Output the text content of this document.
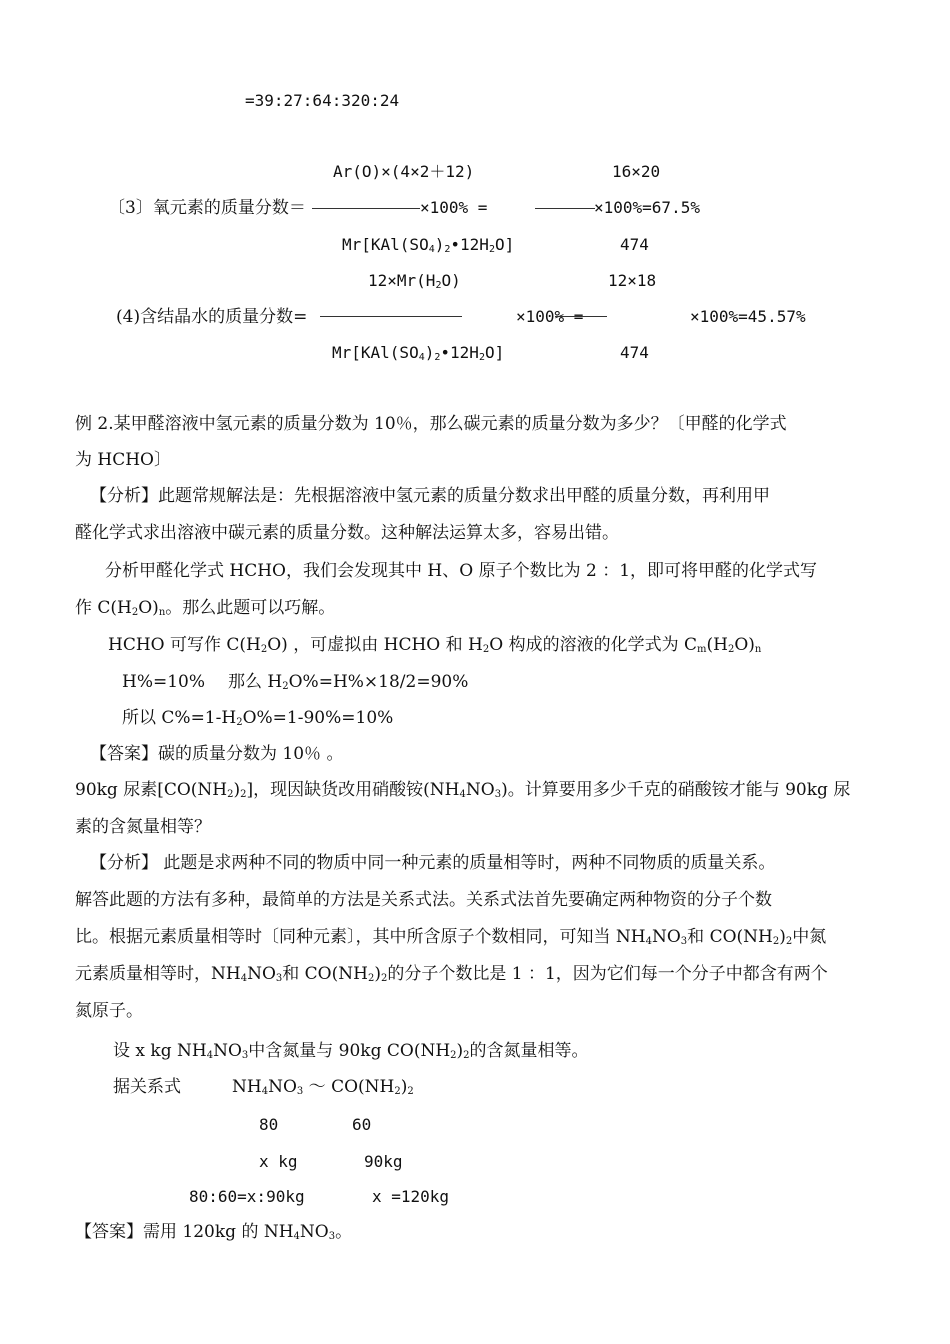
=39:27:64:320:24
Ar(O)×(4×2＋12)	16×20
〔3〕氧元素的质量分数＝	×100% =	×100%=67.5%
$Mr[KAl(SO_4)_2•12H_2O]$	474
$12\times Mr(H_2O)$	12×18
(4)含结晶水的质量分数=	×100% =	×100%=45.57%
$Mr[KAl(SO_4)_2•12H_2O]$	474
例 2.某甲醛溶液中氢元素的质量分数为 10％，那么碳元素的质量分数为多少？〔甲醛的化学式
为 HCHO〕
【分析】此题常规解法是：先根据溶液中氢元素的质量分数求出甲醛的质量分数，再利用甲
醛化学式求出溶液中碳元素的质量分数。这种解法运算太多，容易出错。
分析甲醛化学式 HCHO，我们会发现其中 H、O 原子个数比为 2 ：1，即可将甲醛的化学式写
作 $C(H_2O)_n$。那么此题可以巧解。
HCHO 可写作 $C(H_2O)$ ，可虚拟由 HCHO 和 $H_2O$ 构成的溶液的化学式为 $C_m(H_2O)_n$
H%=10% 那么 $H_2O\%=H\%\times 18/2=90\%$
所以 $C\%=1-H_2O\%=1-90\%=10\%$
【答案】碳的质量分数为 10％ 。
90kg 尿素$[CO(NH_2)_2]$，现因缺货改用硝酸铵$(NH_4NO_3)$。计算要用多少千克的硝酸铵才能与 90kg 尿
素的含氮量相等？
【分析】 此题是求两种不同的物质中同一种元素的质量相等时，两种不同物质的质量关系。
解答此题的方法有多种，最简单的方法是关系式法。关系式法首先要确定两种物资的分子个数
比。根据元素质量相等时〔同种元素〕，其中所含原子个数相同，可知当 $NH_4NO_3$和 $CO(NH_2)_2$中氮
元素质量相等时，$NH_4NO_3$和 $CO(NH_2)_2$的分子个数比是 1 ：1，因为它们每一个分子中都含有两个
氮原子。
设 x kg $NH_4NO_3$中含氮量与 90kg $CO(NH_2)_2$的含氮量相等。
据关系式	$NH_4NO_3$ ～ $CO(NH_2)_2$
80	60
x kg	90kg
80:60=x:90kg	x =120kg
【答案】需用 120kg 的 $NH_4NO_3$。
